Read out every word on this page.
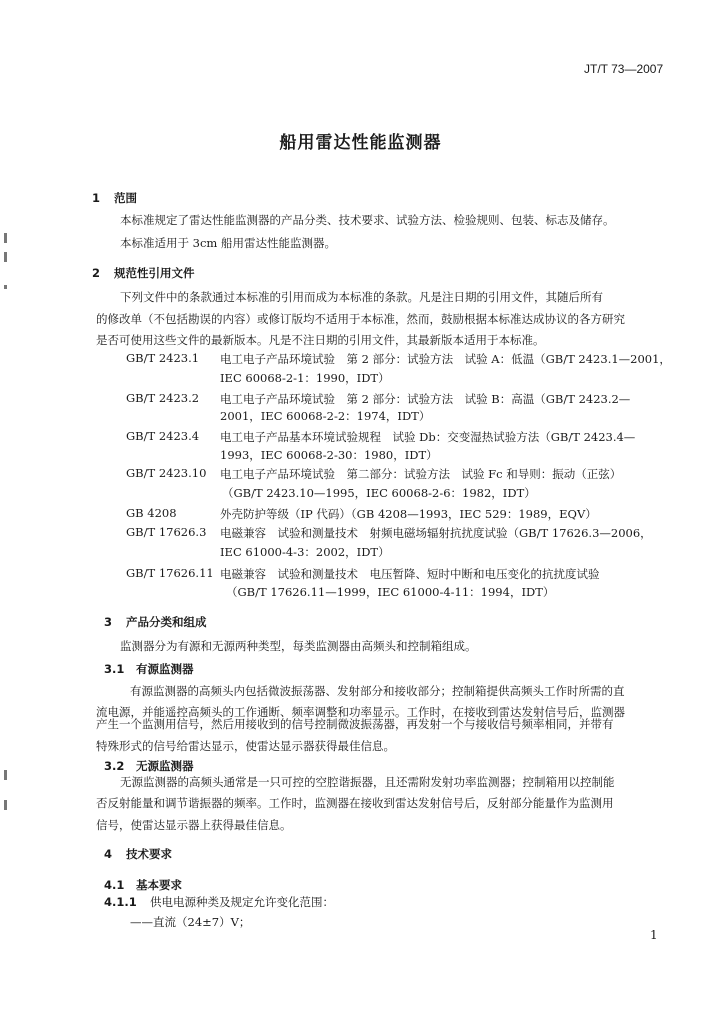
JT/T 73—2007
船用雷达性能监测器
1 范围
本标准规定了雷达性能监测器的产品分类、技术要求、试验方法、检验规则、包装、标志及储存。
本标准适用于 3cm 船用雷达性能监测器。
2 规范性引用文件
下列文件中的条款通过本标准的引用而成为本标准的条款。凡是注日期的引用文件，其随后所有
的修改单（不包括勘误的内容）或修订版均不适用于本标准，然而，鼓励根据本标准达成协议的各方研究
是否可使用这些文件的最新版本。凡是不注日期的引用文件，其最新版本适用于本标准。
GB/T 2423.1 电工电子产品环境试验　第 2 部分：试验方法　试验 A：低温（GB/T 2423.1—2001，
IEC 60068-2-1：1990，IDT）
GB/T 2423.2 电工电子产品环境试验　第 2 部分：试验方法　试验 B：高温（GB/T 2423.2—
2001，IEC 60068-2-2：1974，IDT）
GB/T 2423.4 电工电子产品基本环境试验规程　试验 Db：交变湿热试验方法（GB/T 2423.4—
1993，IEC 60068-2-30：1980，IDT）
GB/T 2423.10 电工电子产品环境试验　第二部分：试验方法　试验 Fc 和导则：振动（正弦）
（GB/T 2423.10—1995，IEC 60068-2-6：1982，IDT）
GB 4208	外壳防护等级（IP 代码）（GB 4208—1993，IEC 529：1989，EQV）
GB/T 17626.3 电磁兼容　试验和测量技术　射频电磁场辐射抗扰度试验（GB/T 17626.3—2006，
IEC 61000-4-3：2002，IDT）
GB/T 17626.11 电磁兼容　试验和测量技术　电压暂降、短时中断和电压变化的抗扰度试验
（GB/T 17626.11—1999，IEC 61000-4-11：1994，IDT）
3 产品分类和组成
监测器分为有源和无源两种类型，每类监测器由高频头和控制箱组成。
3.1 有源监测器
有源监测器的高频头内包括微波振荡器、发射部分和接收部分；控制箱提供高频头工作时所需的直
流电源，并能遥控高频头的工作通断、频率调整和功率显示。工作时，在接收到雷达发射信号后，监测器
产生一个监测用信号，然后用接收到的信号控制微波振荡器，再发射一个与接收信号频率相同，并带有
特殊形式的信号给雷达显示，使雷达显示器获得最佳信息。
3.2 无源监测器
无源监测器的高频头通常是一只可控的空腔谐振器，且还需附发射功率监测器；控制箱用以控制能
否反射能量和调节谐振器的频率。工作时，监测器在接收到雷达发射信号后，反射部分能量作为监测用
信号，使雷达显示器上获得最佳信息。
4 技术要求
4.1 基本要求
4.1.1 供电电源种类及规定允许变化范围：
——直流（24±7）V；
1
